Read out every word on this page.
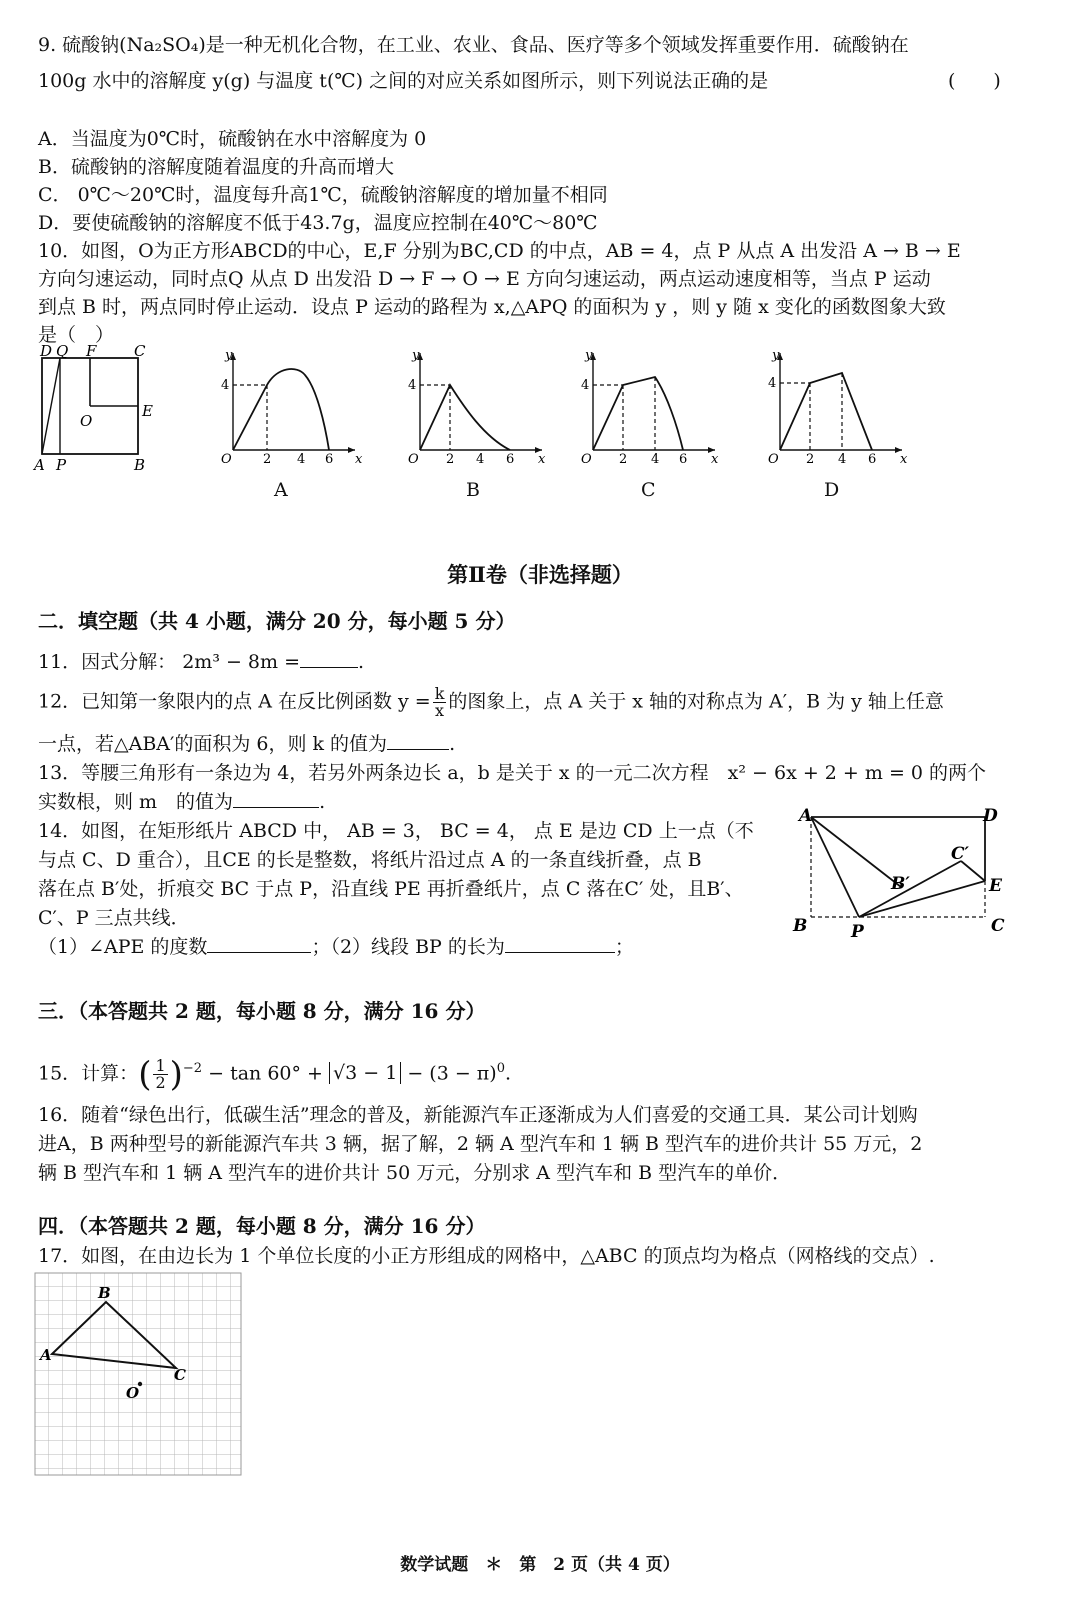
9. 硫酸钠(Na₂SO₄)是一种无机化合物，在工业、农业、食品、医疗等多个领域发挥重要作用．硫酸钠在
100g 水中的溶解度 y(g) 与温度 t(℃) 之间的对应关系如图所示，则下列说法正确的是	(　　)
A．当温度为0℃时，硫酸钠在水中溶解度为 0
B．硫酸钠的溶解度随着温度的升高而增大
C． 0℃～20℃时，温度每升高1℃，硫酸钠溶解度的增加量不相同
D．要使硫酸钠的溶解度不低于43.7g，温度应控制在40℃～80℃
10．如图，O为正方形ABCD的中心，E,F 分别为BC,CD 的中点，AB = 4，点 P 从点 A 出发沿 A → B → E
方向匀速运动，同时点Q 从点 D 出发沿 D → F → O → E 方向匀速运动，两点运动速度相等，当点 P 运动
到点 B 时，两点同时停止运动．设点 P 运动的路程为 x,△APQ 的面积为 y ，则 y 随 x 变化的函数图象大致
是（　）
D Q F	C
O
E
A P	B
y
x
O
4
2 4 6
A
y
x
O
4
2 4 6
B
y
x
O
4
2 4 6
C
y
x
O
4
2 4 6
D
第Ⅱ卷（非选择题）
二．填空题（共 4 小题，满分 20 分，每小题 5 分）
11．因式分解： 2m³ − 8m =	.
12．已知第一象限内的点 A 在反比例函数 $y = \frac{k}{x}$ 的图象上，点 A 关于 x 轴的对称点为 A′，B 为 y 轴上任意
一点，若△ABA′的面积为 6，则 k 的值为	.
13．等腰三角形有一条边为 4，若另外两条边长 a，b 是关于 x 的一元二次方程　x² − 6x + 2 + m = 0 的两个
实数根，则 m　的值为	.
14．如图，在矩形纸片 ABCD 中， AB = 3， BC = 4， 点 E 是边 CD 上一点（不
与点 C、D 重合），且CE 的长是整数，将纸片沿过点 A 的一条直线折叠，点 B
落在点 B′处，折痕交 BC 于点 P，沿直线 PE 再折叠纸片，点 C 落在C′ 处，且B′、
C′、P 三点共线．
（1）∠APE 的度数	；（2）线段 BP 的长为	；
A	D
C′
B′	E
B	P	C
三．（本答题共 2 题，每小题 8 分，满分 16 分）
15．计算：( $\frac{1}{2} )^{-2} - \tan 60^\circ + √3 - 1 - (3 - \pi)^0$.
16．随着“绿色出行，低碳生活”理念的普及，新能源汽车正逐渐成为人们喜爱的交通工具．某公司计划购
进A，B 两种型号的新能源汽车共 3 辆，据了解，2 辆 A 型汽车和 1 辆 B 型汽车的进价共计 55 万元，2
辆 B 型汽车和 1 辆 A 型汽车的进价共计 50 万元，分别求 A 型汽车和 B 型汽车的单价．
四．（本答题共 2 题，每小题 8 分，满分 16 分）
17．如图，在由边长为 1 个单位长度的小正方形组成的网格中，△ABC 的顶点均为格点（网格线的交点）.
B
A
C
O
数学试题　＊　第　2 页（共 4 页）
